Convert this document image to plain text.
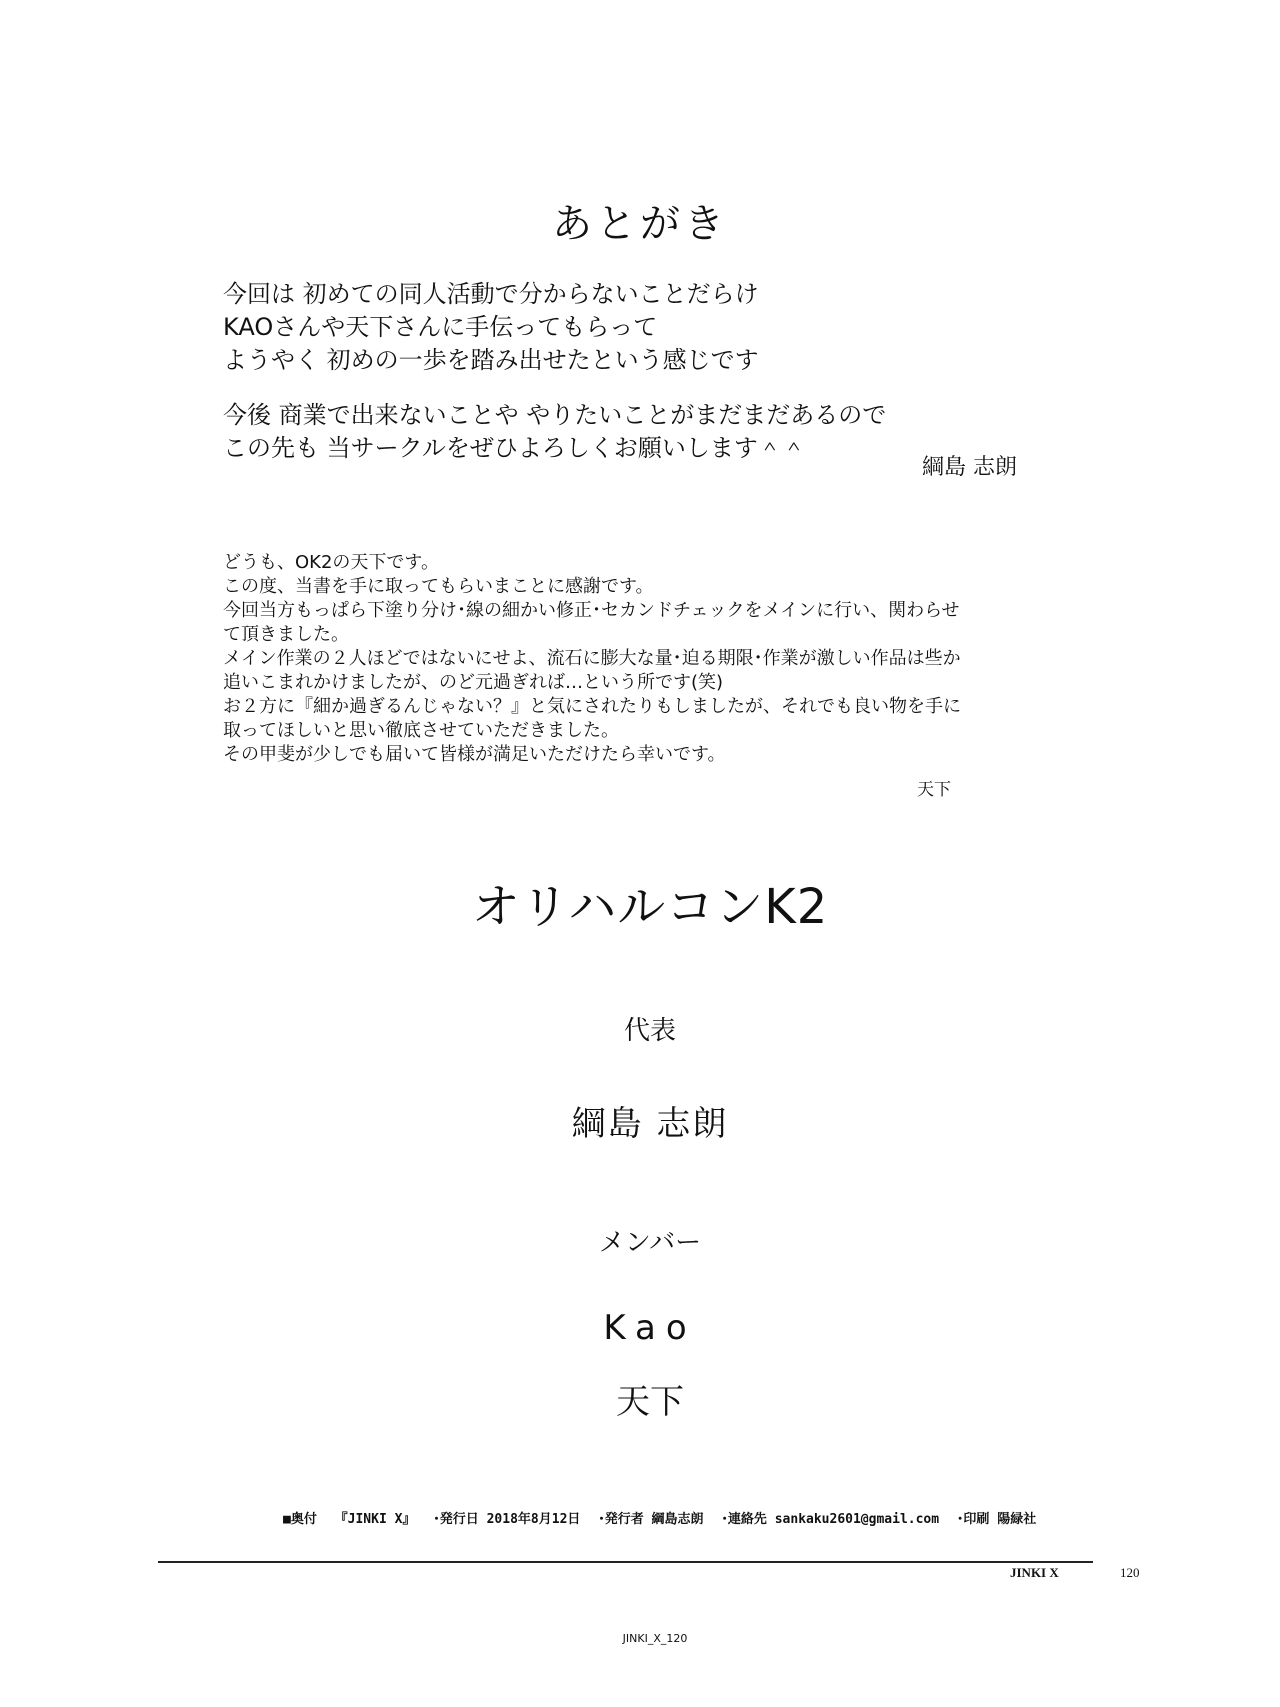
あとがき
今回は 初めての同人活動で分からないことだらけ
KAOさんや天下さんに手伝ってもらって
ようやく 初めの一歩を踏み出せたという感じです
今後 商業で出来ないことや やりたいことがまだまだあるので
この先も 当サークルをぜひよろしくお願いします＾＾
綱島 志朗
どうも、OK2の天下です。
この度、当書を手に取ってもらいまことに感謝です。
今回当方もっぱら下塗り分け･線の細かい修正･セカンドチェックをメインに行い、関わらせ
て頂きました。
メイン作業の２人ほどではないにせよ、流石に膨大な量･迫る期限･作業が激しい作品は些か
追いこまれかけましたが、のど元過ぎれば…という所です(笑)
お２方に『細か過ぎるんじゃない？』と気にされたりもしましたが、それでも良い物を手に
取ってほしいと思い徹底させていただきました。
その甲斐が少しでも届いて皆様が満足いただけたら幸いです。
天下
オリハルコンK2
代表
綱島 志朗
メンバー
Kao
天下
■奥付 『JINKI X』 ･発行日 2018年8月12日 ･発行者 綱島志朗 ･連絡先 sankaku2601@gmail.com ･印刷 陽緑社
JINKI X	120
JINKI_X_120
